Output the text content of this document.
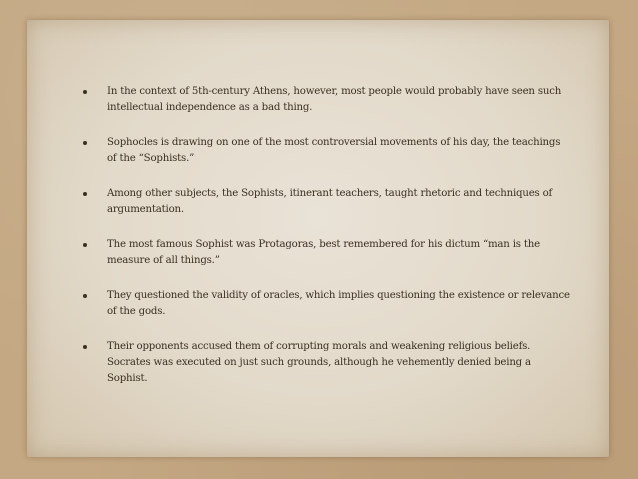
In the context of 5th-century Athens, however, most people would probably have seen such intellectual independence as a bad thing.
Sophocles is drawing on one of the most controversial movements of his day, the teachings of the “Sophists.”
Among other subjects, the Sophists, itinerant teachers, taught rhetoric and techniques of argumentation.
The most famous Sophist was Protagoras, best remembered for his dictum “man is the measure of all things.”
They questioned the validity of oracles, which implies questioning the existence or relevance of the gods.
Their opponents accused them of corrupting morals and weakening religious beliefs. Socrates was executed on just such grounds, although he vehemently denied being a Sophist.
